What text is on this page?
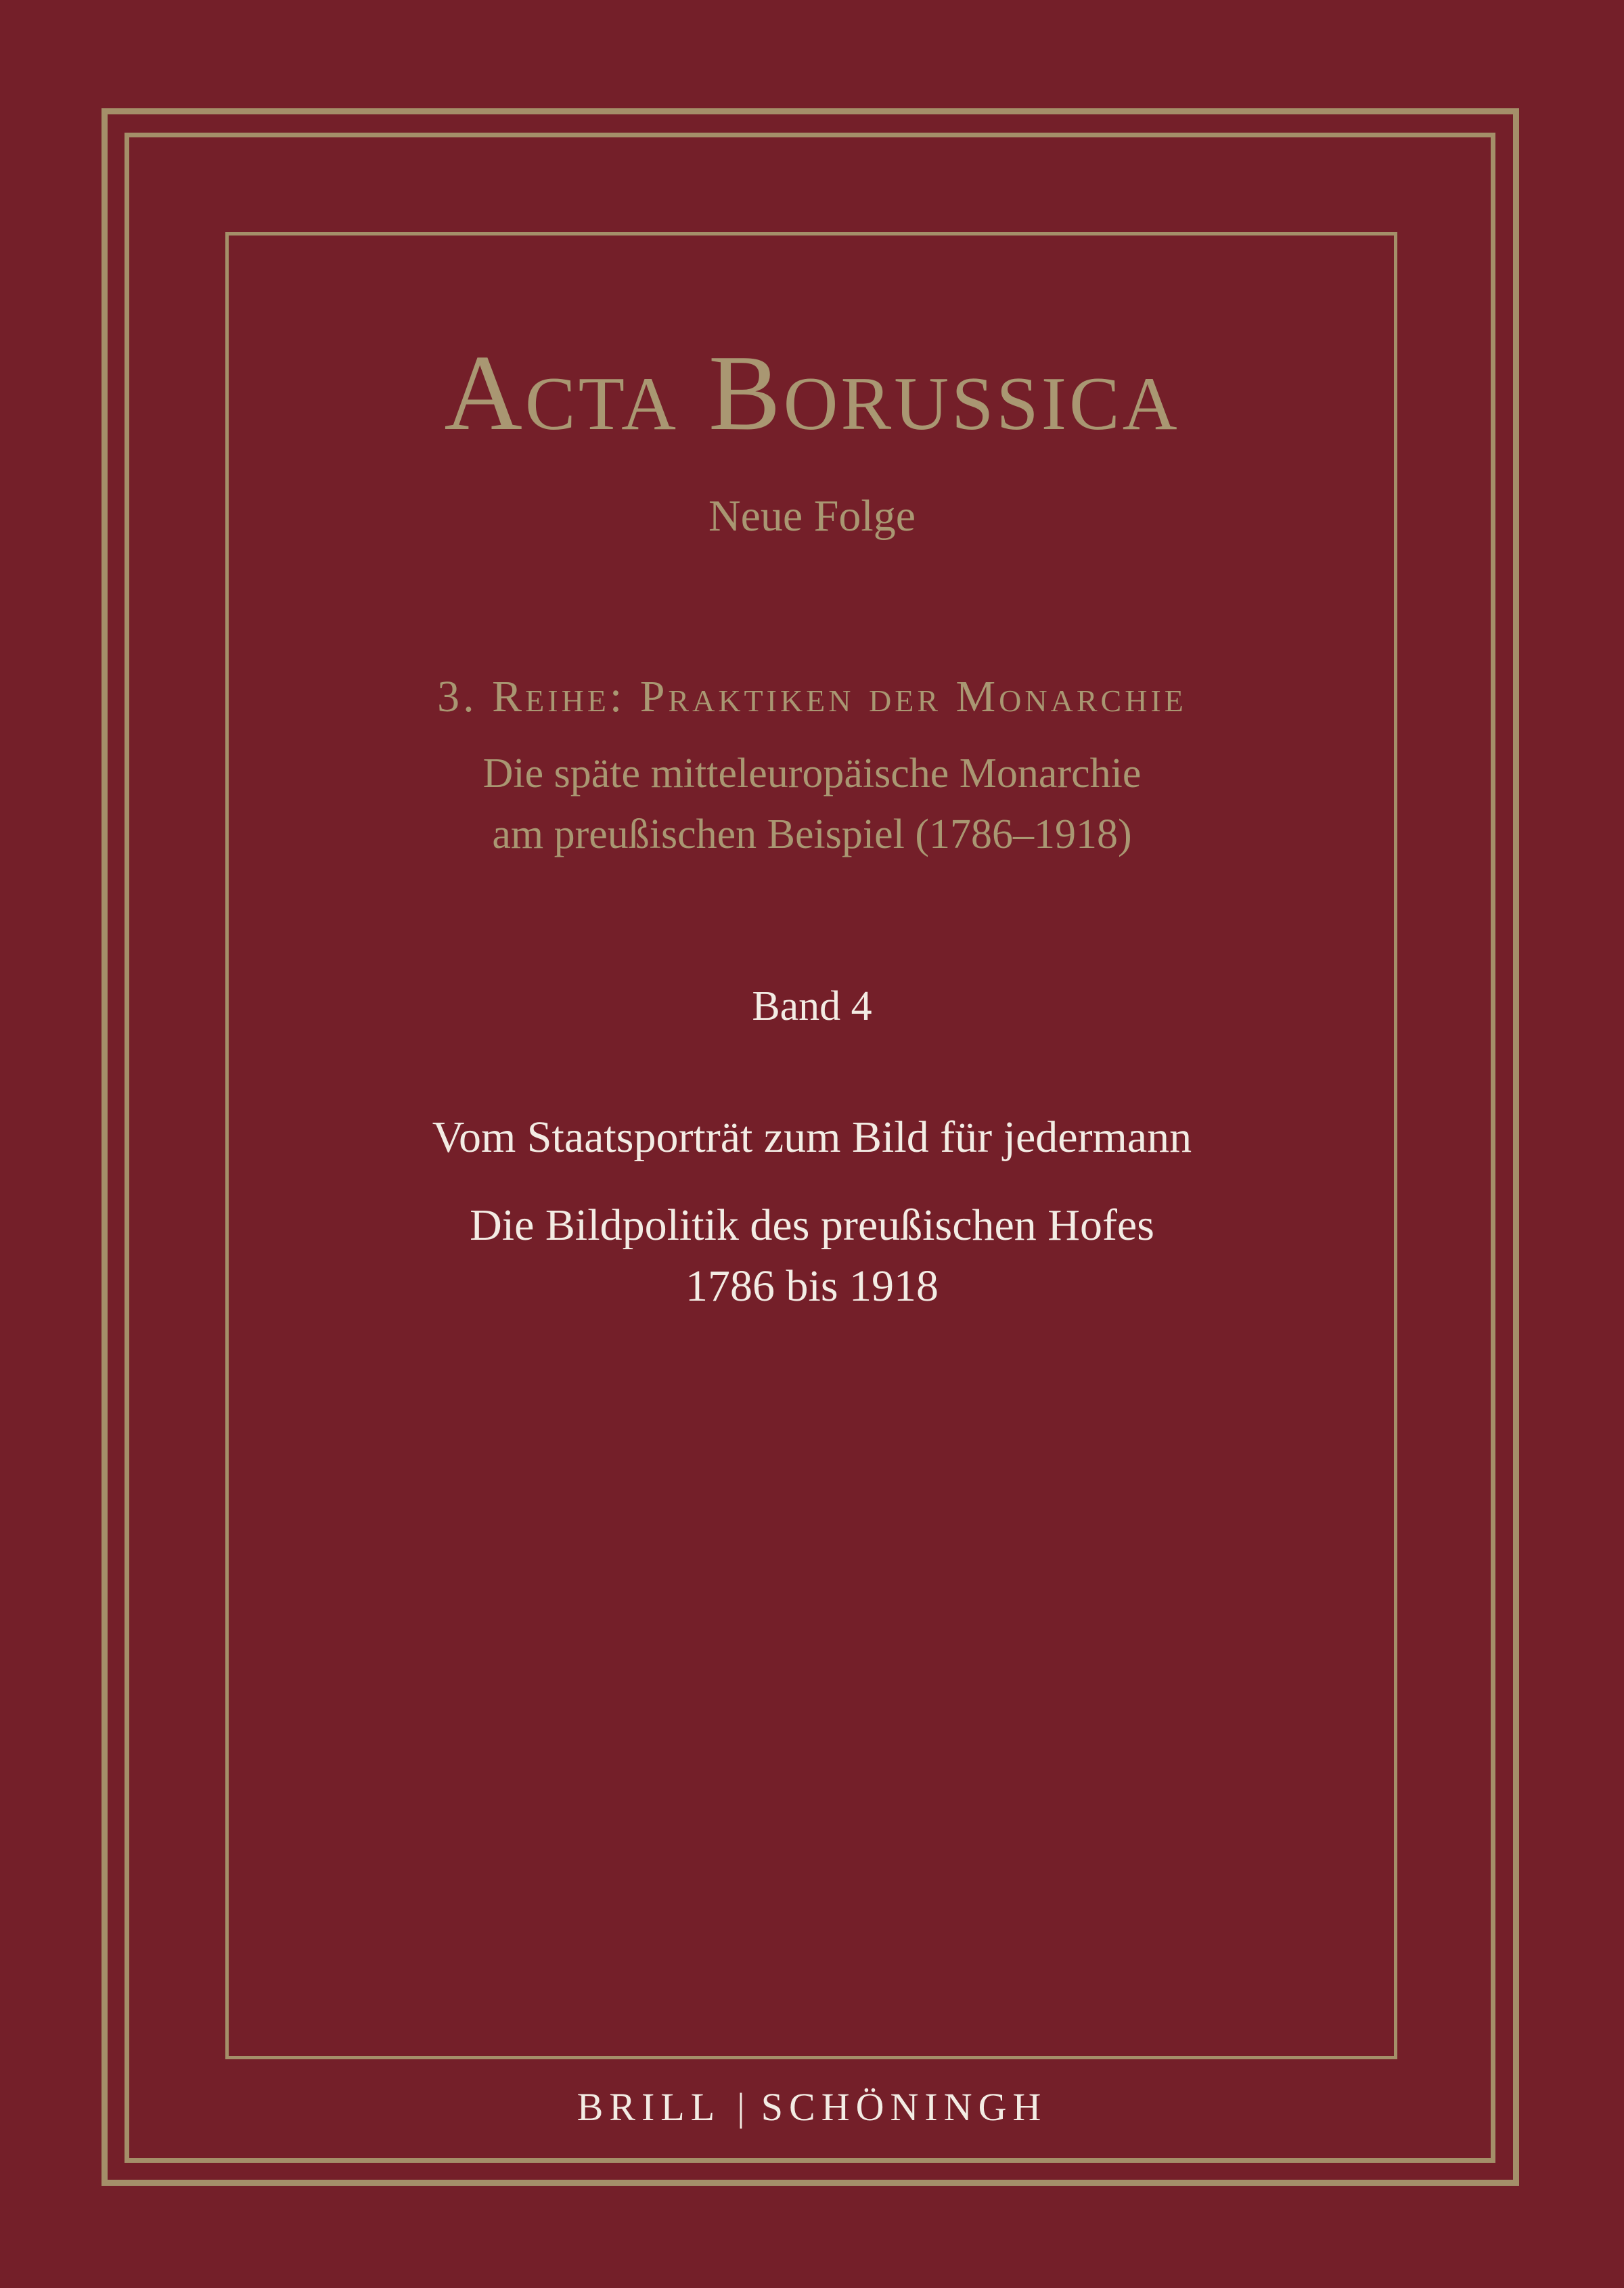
Acta Borussica
Neue Folge
3. Reihe: Praktiken der Monarchie
Die späte mitteleuropäische Monarchie
am preußischen Beispiel (1786–1918)
Band 4
Vom Staatsporträt zum Bild für jedermann
Die Bildpolitik des preußischen Hofes
1786 bis 1918
BRILL | SCHÖNINGH
